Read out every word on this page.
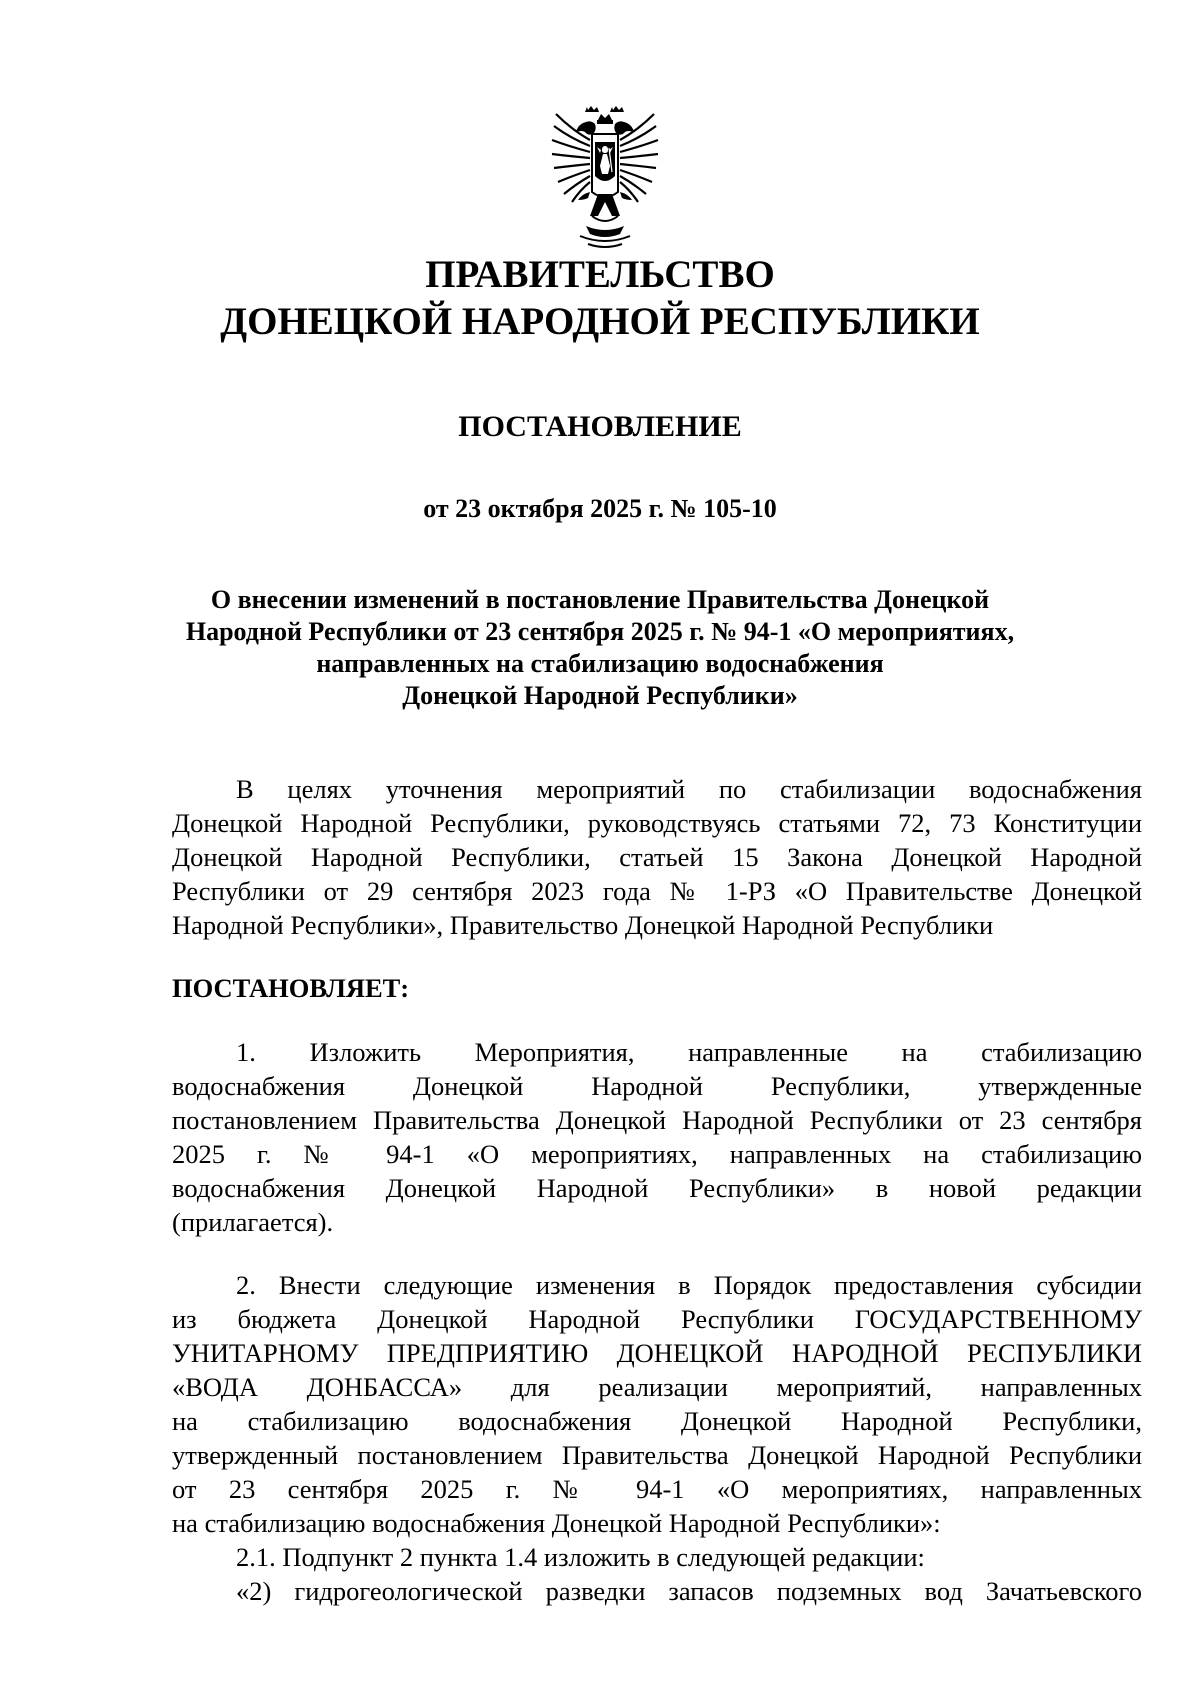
ПРАВИТЕЛЬСТВО
ДОНЕЦКОЙ НАРОДНОЙ РЕСПУБЛИКИ
ПОСТАНОВЛЕНИЕ
от 23 октября 2025 г. № 105-10
О внесении изменений в постановление Правительства Донецкой
Народной Республики от 23 сентября 2025 г. № 94-1 «О мероприятиях,
направленных на стабилизацию водоснабжения
Донецкой Народной Республики»
В целях уточнения мероприятий по стабилизации водоснабжения
Донецкой Народной Республики, руководствуясь статьями 72, 73 Конституции
Донецкой Народной Республики, статьей 15 Закона Донецкой Народной
Республики от 29 сентября 2023 года № 1-РЗ «О Правительстве Донецкой
Народной Республики», Правительство Донецкой Народной Республики
ПОСТАНОВЛЯЕТ:
1. Изложить Мероприятия, направленные на стабилизацию
водоснабжения Донецкой Народной Республики, утвержденные
постановлением Правительства Донецкой Народной Республики от 23 сентября
2025 г. № 94-1 «О мероприятиях, направленных на стабилизацию
водоснабжения Донецкой Народной Республики» в новой редакции
(прилагается).
2. Внести следующие изменения в Порядок предоставления субсидии
из бюджета Донецкой Народной Республики ГОСУДАРСТВЕННОМУ
УНИТАРНОМУ ПРЕДПРИЯТИЮ ДОНЕЦКОЙ НАРОДНОЙ РЕСПУБЛИКИ
«ВОДА ДОНБАССА» для реализации мероприятий, направленных
на стабилизацию водоснабжения Донецкой Народной Республики,
утвержденный постановлением Правительства Донецкой Народной Республики
от 23 сентября 2025 г. № 94-1 «О мероприятиях, направленных
на стабилизацию водоснабжения Донецкой Народной Республики»:
2.1. Подпункт 2 пункта 1.4 изложить в следующей редакции:
«2) гидрогеологической разведки запасов подземных вод Зачатьевского
